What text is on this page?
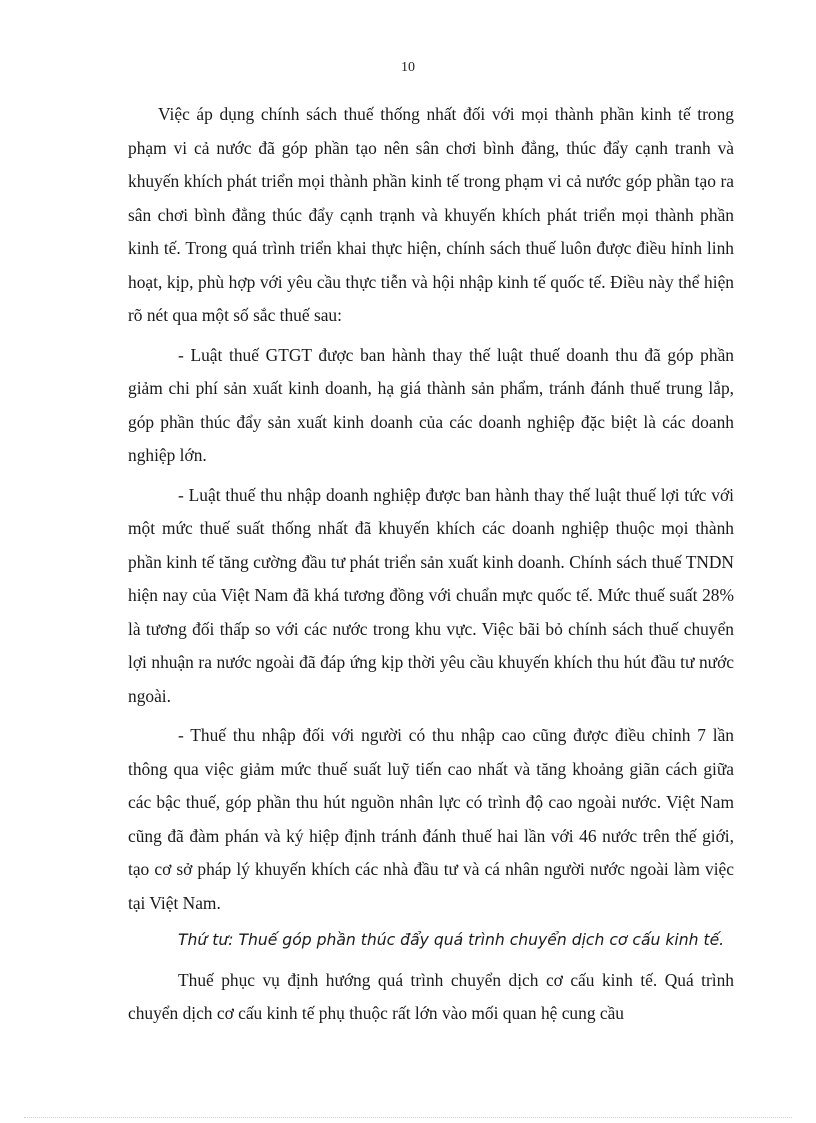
10

Việc áp dụng chính sách thuế thống nhất đối với mọi thành phần kinh tế trong phạm vi cả nước đã góp phần tạo nên sân chơi bình đẳng, thúc đẩy cạnh tranh và khuyến khích phát triển mọi thành phần kinh tế trong phạm vi cả nước góp phần tạo ra sân chơi bình đẳng thúc đẩy cạnh trạnh và khuyến khích phát triển mọi thành phần kinh tế. Trong quá trình triển khai thực hiện, chính sách thuế luôn được điều hỉnh linh hoạt, kịp, phù hợp với yêu cầu thực tiễn và hội nhập kinh tế quốc tế. Điều này thể hiện rõ nét qua một số sắc thuế sau:

- Luật thuế GTGT được ban hành thay thế luật thuế doanh thu đã góp phần giảm chi phí sản xuất kinh doanh, hạ giá thành sản phẩm, tránh đánh thuế trung lắp, góp phần thúc đẩy sản xuất kinh doanh của các doanh nghiệp đặc biệt là các doanh nghiệp lớn.

- Luật thuế thu nhập doanh nghiệp được ban hành thay thế luật thuế lợi tức với một mức thuế suất thống nhất đã khuyến khích các doanh nghiệp thuộc mọi thành phần kinh tế tăng cường đầu tư phát triển sản xuất kinh doanh. Chính sách thuế TNDN hiện nay của Việt Nam đã khá tương đồng với chuẩn mực quốc tế. Mức thuế suất 28% là tương đối thấp so với các nước trong khu vực. Việc bãi bỏ chính sách thuế chuyển lợi nhuận ra nước ngoài đã đáp ứng kịp thời yêu cầu khuyến khích thu hút đầu tư nước ngoài.

- Thuế thu nhập đối với người có thu nhập cao cũng được điều chỉnh 7 lần thông qua việc giảm mức thuế suất luỹ tiến cao nhất và tăng khoảng giãn cách giữa các bậc thuế, góp phần thu hút nguồn nhân lực có trình độ cao ngoài nước. Việt Nam cũng đã đàm phán và ký hiệp định tránh đánh thuế hai lần với 46 nước trên thế giới, tạo cơ sở pháp lý khuyến khích các nhà đầu tư và cá nhân người nước ngoài làm việc tại Việt Nam.

Thứ tư: Thuế góp phần thúc đẩy quá trình chuyển dịch cơ cấu kinh tế.

Thuế phục vụ định hướng quá trình chuyển dịch cơ cấu kinh tế. Quá trình chuyển dịch cơ cấu kinh tế phụ thuộc rất lớn vào mối quan hệ cung cầu
